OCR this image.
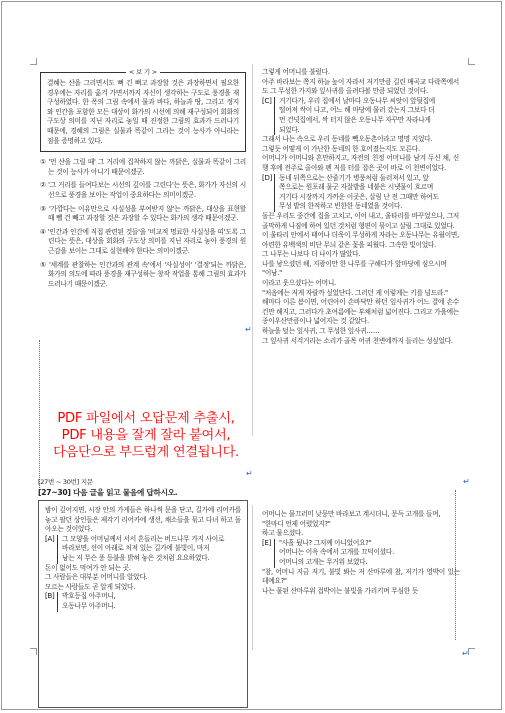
< 보 기 >

결혜는 산을 그리면서도 뼈 긴 뼈고 과장할 것은 과장하면서 필요한 경우에는 자리를 옮겨 가면서까지 자신이 생각하는 구도로 풍경을 재구성하였다. 한 폭의 그림 속에서 물과 바다, 하늘과 땅, 그리고 정지와 인간을 포함한 모든 대상이 화가의 시선에 의해 재구성되어 회화의 구도상 의미를 지닌 자리로 놓일 때 진정한 그림의 효과가 드러나기 때문에, 경혜의 그림은 실물과 똑같이 그리는 것이 능사가 아니라는 점을 증명하고 있다.

① '먼 산을 그릴 때' 그 거리에 집착하지 않는 까닭은, 실물과 똑같이 그리는 것이 능사가 아니기 때문이겠군.

② '그 거리를 들여다보는 시선의 깊이를 그린다'는 뜻은, 화가가 자신의 시선으로 풍경을 보이는 작업이 중요하다는 의미이겠군.

③ '가깝다는 이유만으로 사실성을 부여받지 않'는 까닭은, 대상을 표현할 때 뺄 건 빼고 과장할 것은 과장할 수 있다는 화가의 생각 때문이겠군.

④ '인간과 인간에 직접 관련된 것들'을 '비교적 명료한 사실성을 띠'도록 그린다는 뜻은, 대상을 회화의 구도상 의미를 지닌 자리로 놓아 풍경의 원근감을 보이는 그대로 실현해야 한다는 의미이겠군.

⑤ '세계를 관찰하는 인간과의 관계 속'에서 '사실성이' '결정'되는 까닭은, 화가의 의도에 따라 풍경을 재구성하는 창작 작업을 통해 그림의 효과가 드러나기 때문이겠군.

PDF 파일에서 오답문제 추출시,
PDF 내용을 잘게 잘라 붙여서,
다음단으로 부드럽게 연결됩니다.
[27번 ~ 30번] 지문
[27~30] 다음 글을 읽고 물음에 답하시오.

밤이 깊어지면, 시장 안의 가게들은 하나씩 문을 닫고, 길가에 리어카를 놓고 팔던 상인들은 제각기 리어카에 생선, 채소들을 묶고 다녀 하고 돌아오는 것이었다.

[A]	그 모양을 어머님께서 서서 흔들리는 버드나무 가지 사이로
바라보면, 선이 아래로 처져 있는 길가에 불빛이, 마저
남는 저 무슨 풍 등불을 밝혀 놓은 것처럼 요요하였다.

돈이 없어도 먹여가 안 되는 곳.

그 사람들은 대부분 어머니를 알았다.

모르는 사람들도 곧 알게 되었다.

[B]	박호등집 아주머니,
오동나무 아주머니.

그렇게 어머니를 불렀다.

아주 바라보는 쪽지 하늘 높이 자라서 저기만큼 길린 매곡교 다락쪽에서도 그 무성한 가지와 잎사귀를 올려다볼 만큼 되었던 것이다.

[C]	거기다가, 우리 집에서 날마다 오동나무 씨앗이 앞뒷집에
떨어져 싹이 나고, 어느 해 마당에 물러 갔는지 그보다 더
먼 건넛집에서, 싹 터지 않은 오동나무 자꾸만 자라나게
되었다.

그래서 나는 속으로 우리 동네를 빽오동촌이라고 명명 지었다.

그렇듯 어떻게 이 가난한 동네의 한 호어졌는지도 모른다.

어머니가 어머니와 흔만하지고, 자전의 친정 어머니를 남겨 두신 채, 신행 후에 전주로 올아와 펜 저를 터를 잡은 곳이 바로 이 천변이었다.

[D] 동네 뒤쪽으로는 산줄기가 병풍처럼 둘러져서 있고, 앞
쪽으로는 원포래 물군 자잘밭을 네붙은 시냇물이 흐르며
거기다 시장까지 가까운 이곳은, 살림 난 전 그때만 하여도
무성 밭의 한적하고 빈한한 동네였을 것이다.

돌끈 우리도 중간에 집을 고치고, 이어 내고, 울타리를 바꾸었으나, 그저 골막하게 나짐에 하여 있던 것처럼 형편이 묶이고 살림 그대로 있었다.

이 울타리 안에서 태어나 더욱이 무성하게 자라는 오동나무는 유월이면, 아련한 유백색의 비단 무늬 같은 꽃을 피웠다. 그속한 빛이었다.

그 나무는 나보다 더 나이가 많았다.

나를 낳으셨던 해, 지광이만 한 나무를 구해다가 앞마당에 심으시며

"이남."

이라고 웃으셨다는 어머니.

"처음에는 저게 자랄까 싶었단다. 그러던 게 이렇게는 키를 넘드라."

해마다 이른 봄이면, 어린아이 손바닥만 하던 잎사귀가 어느 결에 손수건만 해지고, 그러다가 초여름에는 부채처럼 넓어진다. 그리고 가을에는 종이우산만큼이나 넓어지는 것 같았다.

하늘을 덮는 잎사귀, 그 무성한 잎사귀……

그 잎사귀 서걱거리는 소리가 골목 어귀 천변에까지 들리는 성싶었다.

어머니는 물끄러미 낮뭉만 바라보고 계시더니, 문득 고개를 들며,

"한마디 언제 어렸었지?"

하고 물으셨다.

[E]	"사흘 뒀나? 그저께 아니었어요?"
어머니는 이윽 속에서 고개를 끄덕이셨다.
어머니의 고개는 무거워 보였다.

"참, 어머니 지금 저기, 불빛 봐는 저 산마루에 참, 저기가 영박이 있는 데예요?"

나는 물된 산마루위 접박이는 불빛을 가리키며 무심한 듯

↵
↵
↵
↵
